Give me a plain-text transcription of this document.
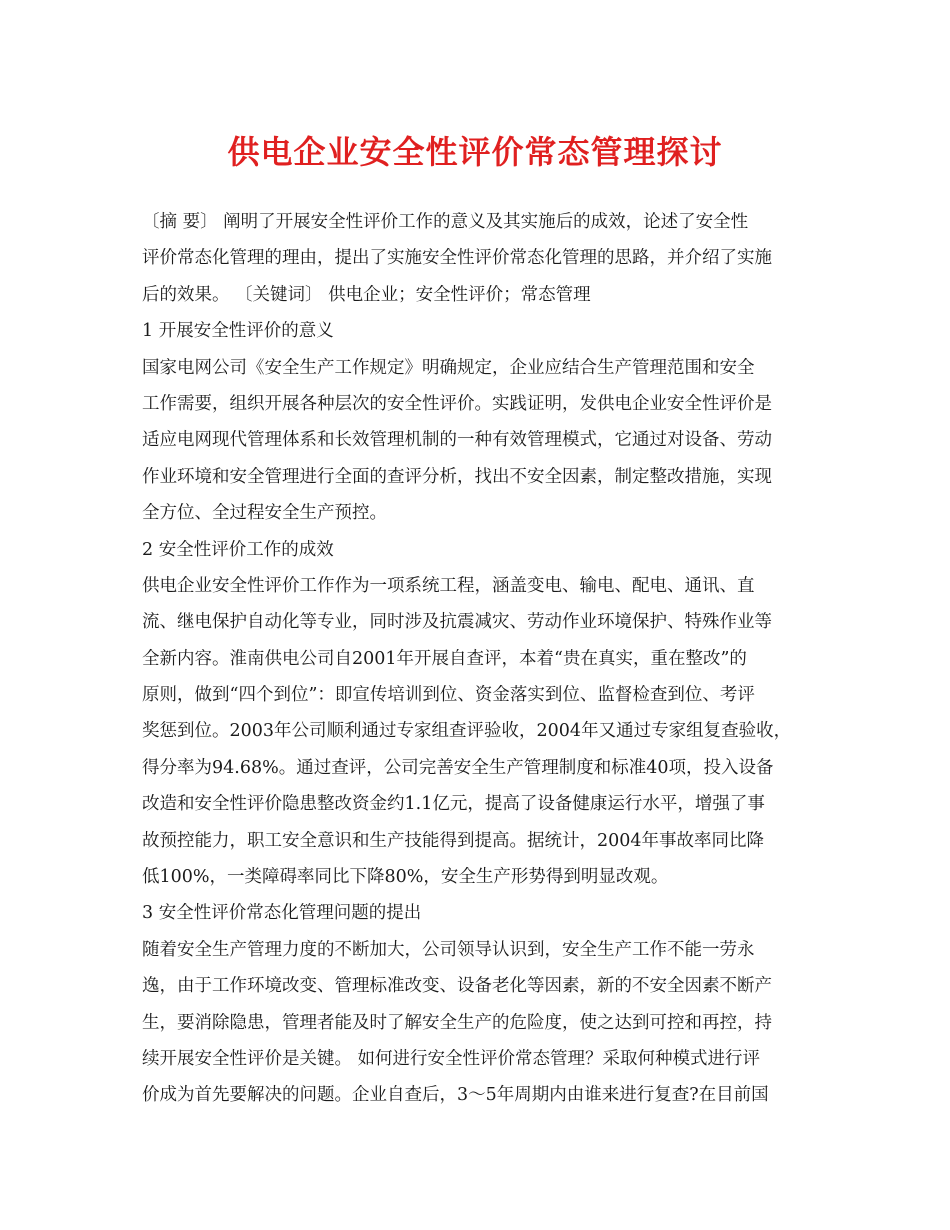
供电企业安全性评价常态管理探讨
〔摘 要〕 阐明了开展安全性评价工作的意义及其实施后的成效，论述了安全性
评价常态化管理的理由，提出了实施安全性评价常态化管理的思路，并介绍了实施
后的效果。 〔关键词〕 供电企业；安全性评价；常态管理
1 开展安全性评价的意义
国家电网公司《安全生产工作规定》明确规定，企业应结合生产管理范围和安全
工作需要，组织开展各种层次的安全性评价。实践证明，发供电企业安全性评价是
适应电网现代管理体系和长效管理机制的一种有效管理模式，它通过对设备、劳动
作业环境和安全管理进行全面的查评分析，找出不安全因素，制定整改措施，实现
全方位、全过程安全生产预控。
2 安全性评价工作的成效
供电企业安全性评价工作作为一项系统工程，涵盖变电、输电、配电、通讯、直
流、继电保护自动化等专业，同时涉及抗震减灾、劳动作业环境保护、特殊作业等
全新内容。淮南供电公司自2001年开展自查评，本着“贵在真实，重在整改”的
原则，做到“四个到位”：即宣传培训到位、资金落实到位、监督检查到位、考评
奖惩到位。2003年公司顺利通过专家组查评验收，2004年又通过专家组复查验收，
得分率为94.68%。通过查评，公司完善安全生产管理制度和标准40项，投入设备
改造和安全性评价隐患整改资金约1.1亿元，提高了设备健康运行水平，增强了事
故预控能力，职工安全意识和生产技能得到提高。据统计，2004年事故率同比降
低100%，一类障碍率同比下降80%，安全生产形势得到明显改观。
3 安全性评价常态化管理问题的提出
随着安全生产管理力度的不断加大，公司领导认识到，安全生产工作不能一劳永
逸，由于工作环境改变、管理标准改变、设备老化等因素，新的不安全因素不断产
生，要消除隐患，管理者能及时了解安全生产的危险度，使之达到可控和再控，持
续开展安全性评价是关键。 如何进行安全性评价常态管理？采取何种模式进行评
价成为首先要解决的问题。企业自查后，3～5年周期内由谁来进行复查?在目前国
